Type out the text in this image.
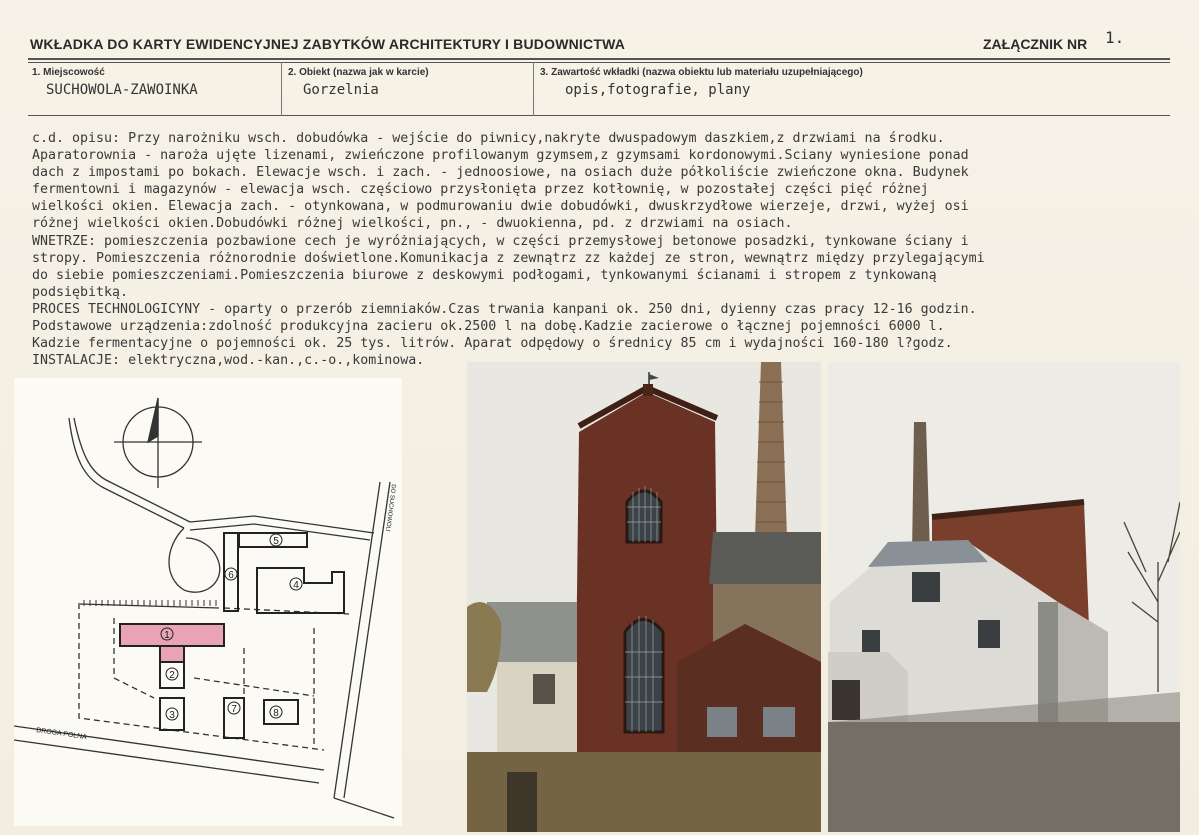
WKŁADKA DO KARTY EWIDENCYJNEJ ZABYTKÓW ARCHITEKTURY I BUDOWNICTWA	ZAŁĄCZNIK NR 1.
1. Miejscowość
SUCHOWOLA-ZAWOINKA
2. Obiekt (nazwa jak w karcie)
Gorzelnia
3. Zawartość wkładki (nazwa obiektu lub materiału uzupełniającego)
opis,fotografie, plany
c.d. opisu: Przy narożniku wsch. dobudówka - wejście do piwnicy,nakryte dwuspadowym daszkiem,z drzwiami na środku.
Aparatorownia - naroża ujęte lizenami, zwieńczone profilowanym gzymsem,z gzymsami kordonowymi.Sciany wyniesione ponad
dach z impostami po bokach. Elewacje wsch. i zach. - jednoosiowe, na osiach duże półkoliście zwieńczone okna. Budynek
fermentowni i magazynów - elewacja wsch. częściowo przysłonięta przez kotłownię, w pozostałej części pięć różnej
wielkości okien. Elewacja zach. - otynkowana, w podmurowaniu dwie dobudówki, dwuskrzydłowe wierzeje, drzwi, wyżej osi
różnej wielkości okien.Dobudówki różnej wielkości, pn., - dwuokienna, pd. z drzwiami na osiach.
WNETRZE: pomieszczenia pozbawione cech je wyróżniających, w części przemysłowej betonowe posadzki, tynkowane ściany i
stropy. Pomieszczenia różnorodnie doświetlone.Komunikacja z zewnątrz zz każdej ze stron, wewnątrz między przylegającymi
do siebie pomieszczeniami.Pomieszczenia biurowe z deskowymi podłogami, tynkowanymi ścianami i stropem z tynkowaną
podsiębitką.
PROCES TECHNOLOGICYNY - oparty o przerób ziemniaków.Czas trwania kanpani ok. 250 dni, dyienny czas pracy 12-16 godzin.
Podstawowe urządzenia:zdolność produkcyjna zacieru ok.2500 l na dobę.Kadzie zacierowe o łącznej pojemności 6000 l.
Kadzie fermentacyjne o pojemności ok. 25 tys. litrów. Aparat odpędowy o średnicy 85 cm i wydajności 160-180 l?godz.
INSTALACJE: elektryczna,wod.-kan.,c.-o.,kominowa.
1
2
3
4
5
6
7	8
DROGA POLNA
DO SUCHOWOLI
